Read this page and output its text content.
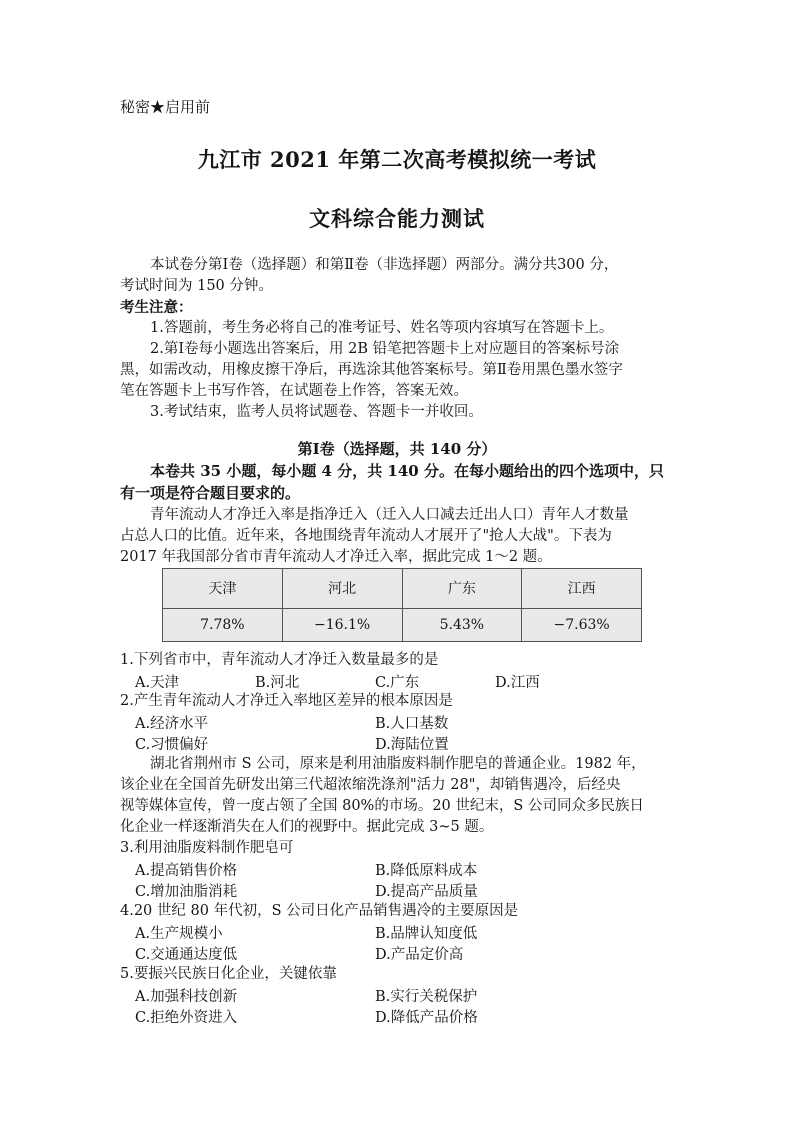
秘密★启用前
九江市 2021 年第二次高考模拟统一考试
文科综合能力测试
本试卷分第Ⅰ卷（选择题）和第Ⅱ卷（非选择题）两部分。满分共300 分，
考试时间为 150 分钟。
考生注意：
1.答题前，考生务必将自己的准考证号、姓名等项内容填写在答题卡上。
2.第Ⅰ卷每小题选出答案后，用 2B 铅笔把答题卡上对应题目的答案标号涂
黑，如需改动，用橡皮擦干净后，再选涂其他答案标号。第Ⅱ卷用黑色墨水签字
笔在答题卡上书写作答，在试题卷上作答，答案无效。
3.考试结束，监考人员将试题卷、答题卡一并收回。
第Ⅰ卷（选择题，共 140 分）
本卷共 35 小题，每小题 4 分，共 140 分。在每小题给出的四个选项中，只
有一项是符合题目要求的。
青年流动人才净迁入率是指净迁入（迁入人口减去迁出人口）青年人才数量
占总人口的比值。近年来，各地围绕青年流动人才展开了"抢人大战"。下表为
2017 年我国部分省市青年流动人才净迁入率，据此完成 1～2 题。
天津	河北	广东	江西
7.78%	−16.1%	5.43%	−7.63%
1.下列省市中，青年流动人才净迁入数量最多的是
A.天津	B.河北	C.广东	D.江西
2.产生青年流动人才净迁入率地区差异的根本原因是
A.经济水平	B.人口基数
C.习惯偏好	D.海陆位置
湖北省荆州市 S 公司，原来是利用油脂废料制作肥皂的普通企业。1982 年，
该企业在全国首先研发出第三代超浓缩洗涤剂"活力 28"，却销售遇冷，后经央
视等媒体宣传，曾一度占领了全国 80%的市场。20 世纪末，S 公司同众多民族日
化企业一样逐渐消失在人们的视野中。据此完成 3~5 题。
3.利用油脂废料制作肥皂可
A.提高销售价格	B.降低原料成本
C.增加油脂消耗	D.提高产品质量
4.20 世纪 80 年代初，S 公司日化产品销售遇冷的主要原因是
A.生产规模小	B.品牌认知度低
C.交通通达度低	D.产品定价高
5.要振兴民族日化企业，关键依靠
A.加强科技创新	B.实行关税保护
C.拒绝外资进入	D.降低产品价格
